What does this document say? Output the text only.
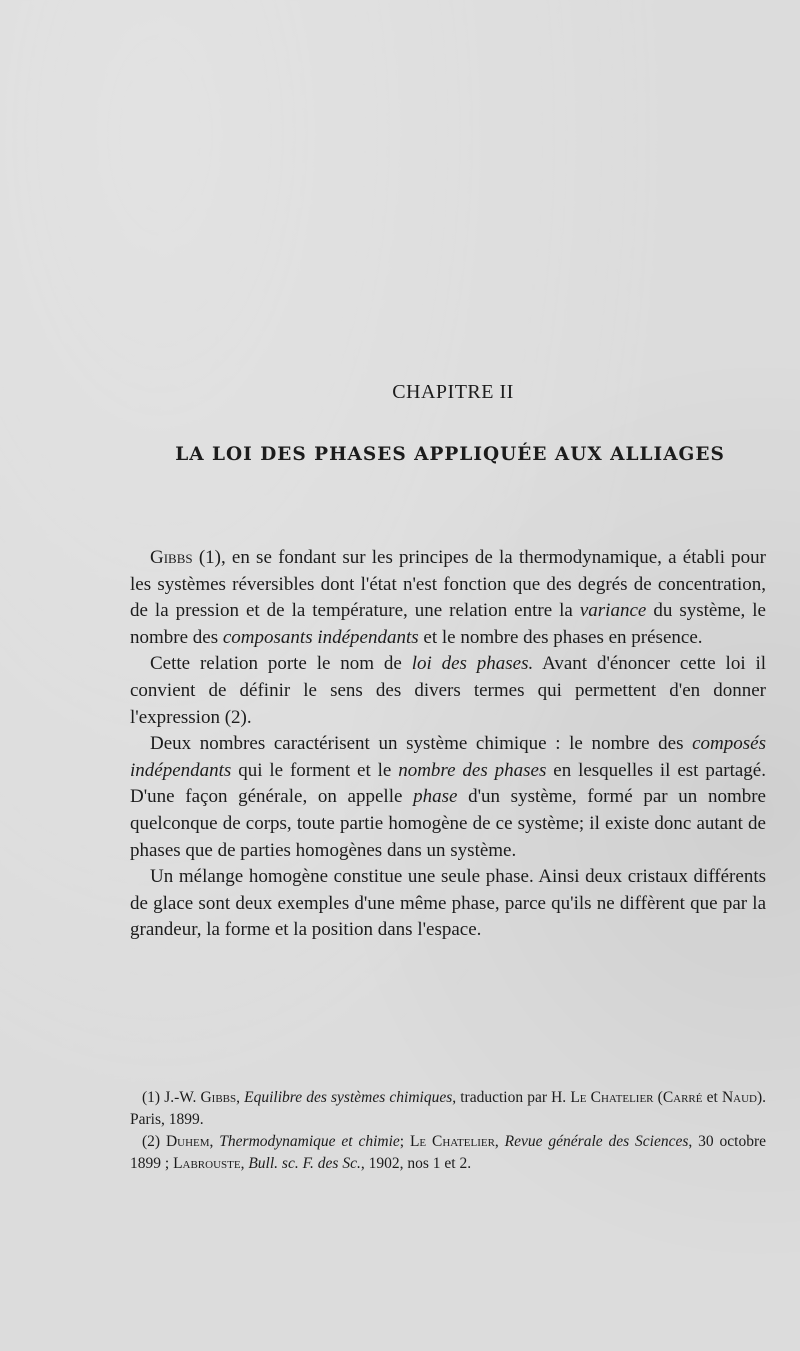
CHAPITRE II
LA LOI DES PHASES APPLIQUÉE AUX ALLIAGES

Gibbs (1), en se fondant sur les principes de la thermodynamique, a établi pour les systèmes réversibles dont l'état n'est fonction que des degrés de concentration, de la pression et de la température, une relation entre la variance du système, le nombre des composants indépendants et le nombre des phases en présence.

Cette relation porte le nom de loi des phases. Avant d'énoncer cette loi il convient de définir le sens des divers termes qui permettent d'en donner l'expression (2).

Deux nombres caractérisent un système chimique : le nombre des composés indépendants qui le forment et le nombre des phases en lesquelles il est partagé. D'une façon générale, on appelle phase d'un système, formé par un nombre quelconque de corps, toute partie homogène de ce système; il existe donc autant de phases que de parties homogènes dans un système.

Un mélange homogène constitue une seule phase. Ainsi deux cristaux différents de glace sont deux exemples d'une même phase, parce qu'ils ne diffèrent que par la grandeur, la forme et la position dans l'espace.

(1) J.-W. Gibbs, Equilibre des systèmes chimiques, traduction par H. Le Chatelier (Carré et Naud). Paris, 1899.

(2) Duhem, Thermodynamique et chimie; Le Chatelier, Revue générale des Sciences, 30 octobre 1899 ; Labrouste, Bull. sc. F. des Sc., 1902, nos 1 et 2.
